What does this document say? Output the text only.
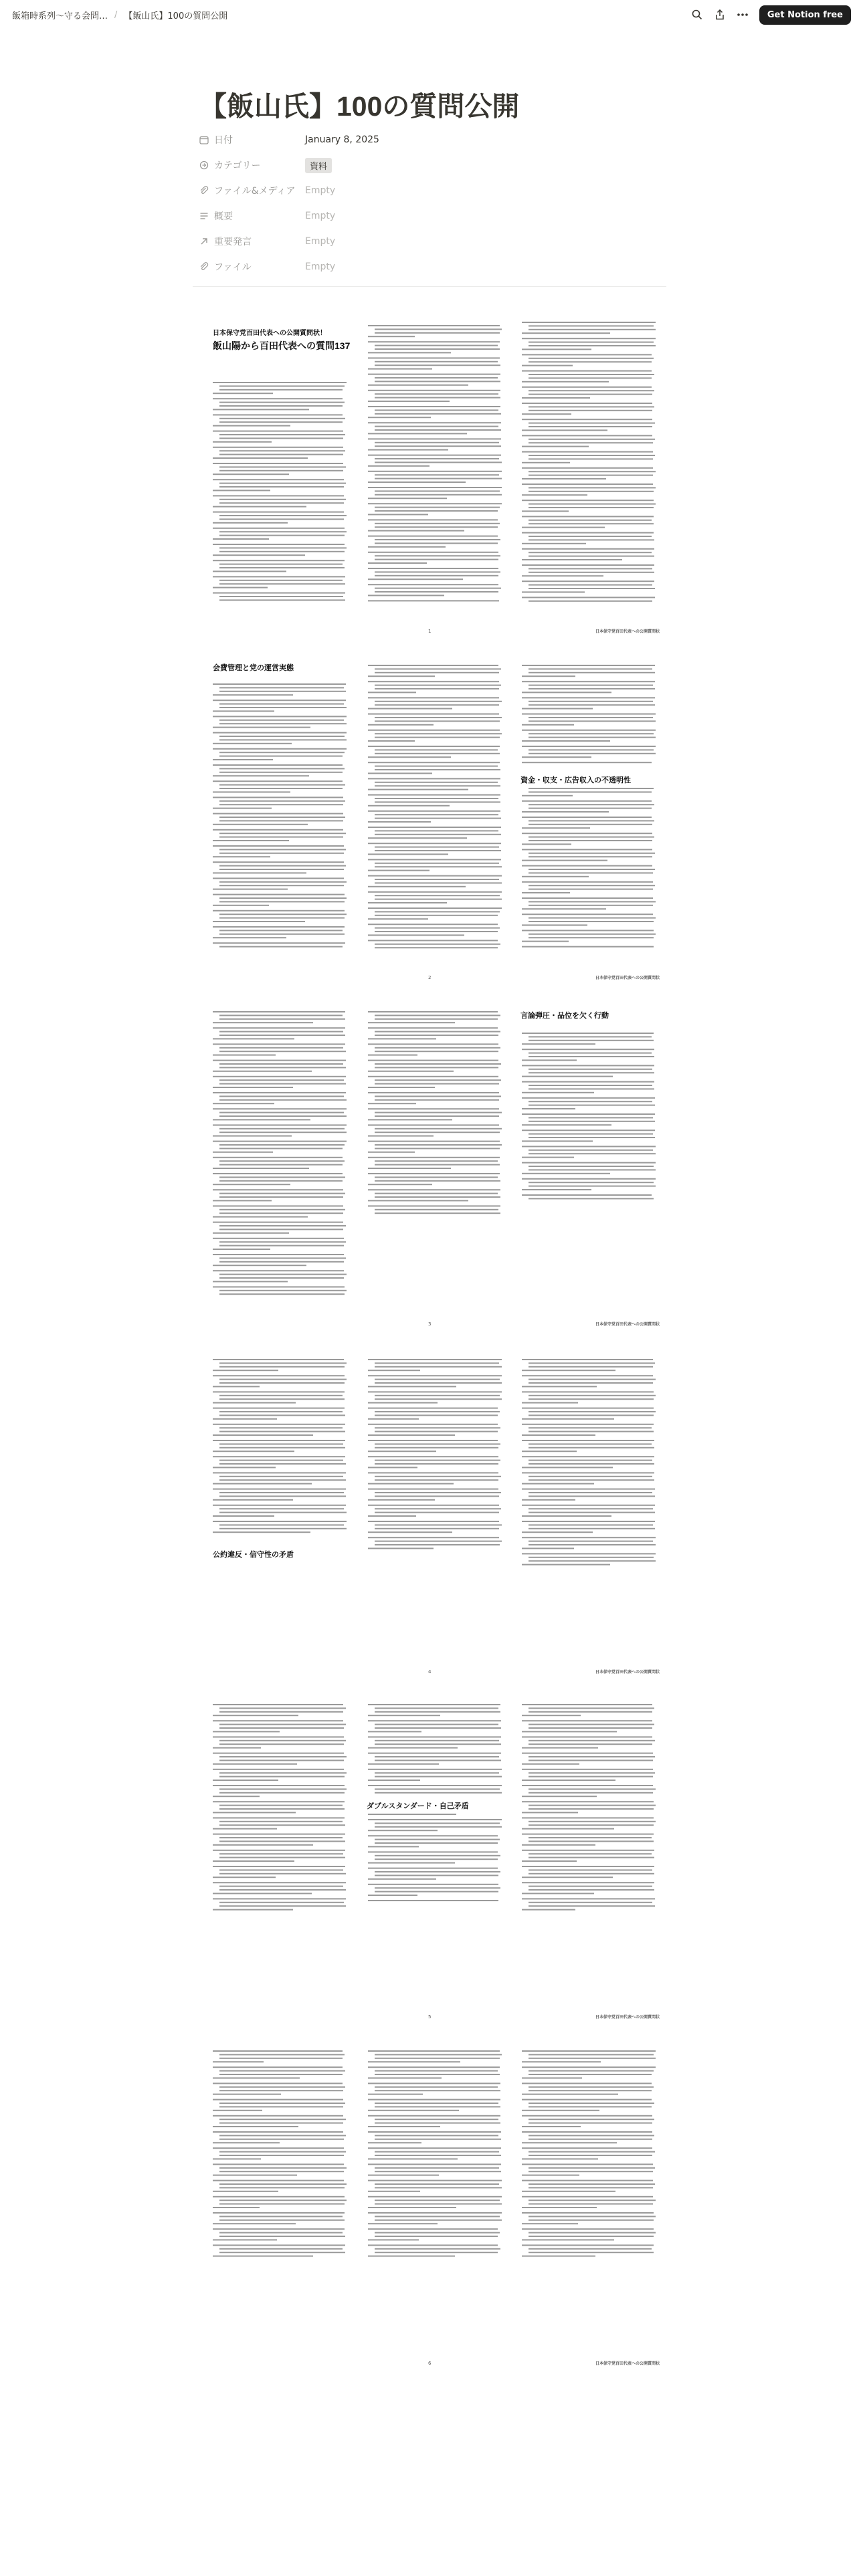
飯箱時系列～守る会問… / 【飯山氏】100の質問公開	Get Notion free
【飯山氏】100の質問公開
日付	January 8, 2025
カテゴリー	資料
ファイル&メディア Empty
概要	Empty
重要発言	Empty
ファイル	Empty
日本保守党百田代表への公開質問状！
飯山陽から百田代表への質問137
1	日本保守党百田代表への公開質問状
会費管理と党の運営実態
資金・収支・広告収入の不透明性
2	日本保守党百田代表への公開質問状
言論弾圧・品位を欠く行動
3	日本保守党百田代表への公開質問状
公約違反・信守性の矛盾
4	日本保守党百田代表への公開質問状
ダブルスタンダード・自己矛盾
5	日本保守党百田代表への公開質問状
6	日本保守党百田代表への公開質問状
